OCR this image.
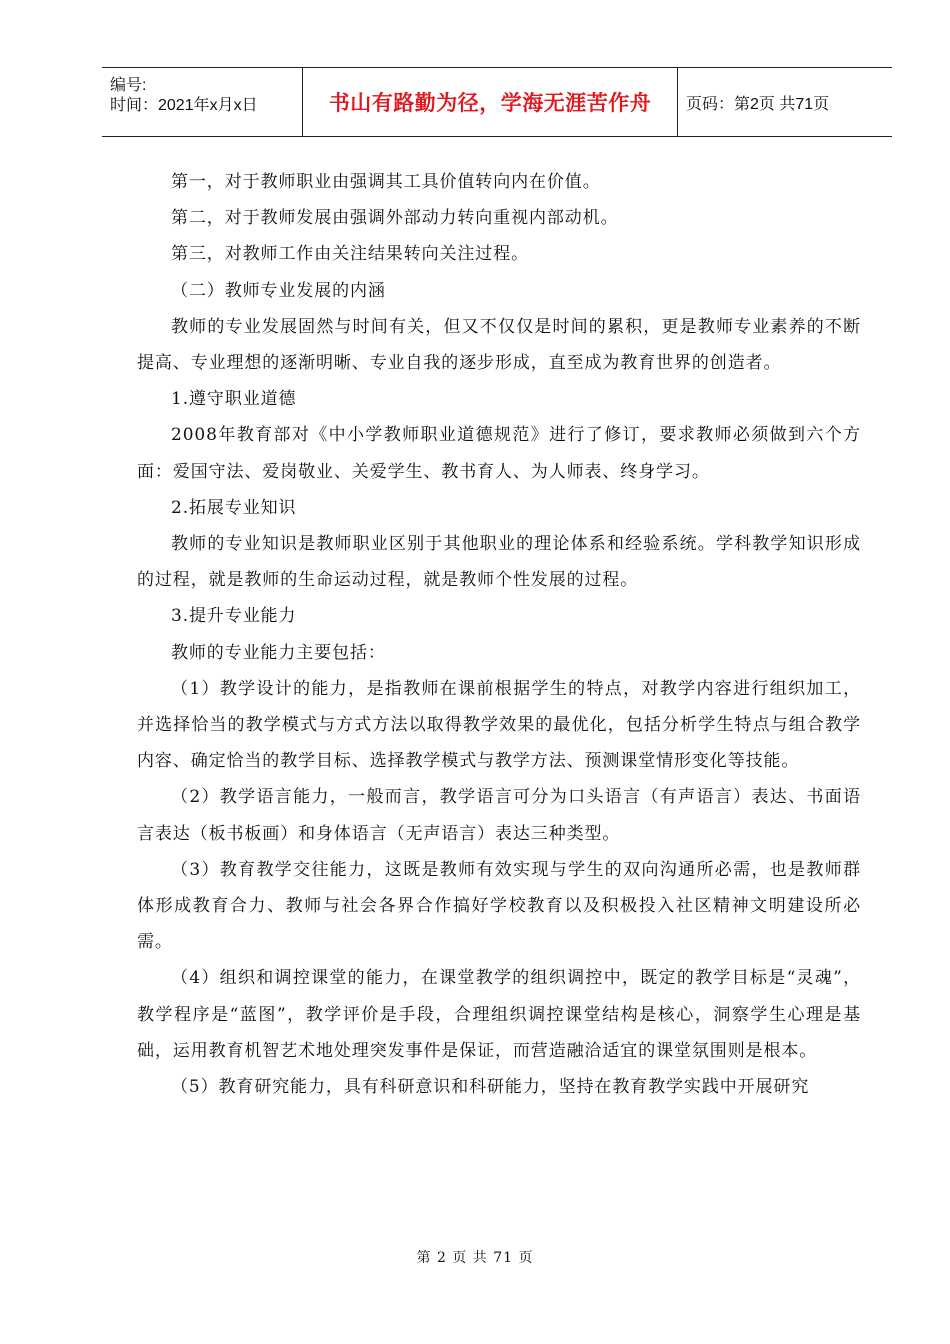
编号:
时间：2021年x月x日	书山有路勤为径，学海无涯苦作舟 页码：第2页 共71页

第一，对于教师职业由强调其工具价值转向内在价值。

第二，对于教师发展由强调外部动力转向重视内部动机。

第三，对教师工作由关注结果转向关注过程。

（二）教师专业发展的内涵

教师的专业发展固然与时间有关，但又不仅仅是时间的累积，更是教师专业素养的不断提高、专业理想的逐渐明晰、专业自我的逐步形成，直至成为教育世界的创造者。

1.遵守职业道德

2008年教育部对《中小学教师职业道德规范》进行了修订，要求教师必须做到六个方面：爱国守法、爱岗敬业、关爱学生、教书育人、为人师表、终身学习。

2.拓展专业知识

教师的专业知识是教师职业区别于其他职业的理论体系和经验系统。学科教学知识形成的过程，就是教师的生命运动过程，就是教师个性发展的过程。

3.提升专业能力

教师的专业能力主要包括：

（1）教学设计的能力，是指教师在课前根据学生的特点，对教学内容进行组织加工，并选择恰当的教学模式与方式方法以取得教学效果的最优化，包括分析学生特点与组合教学内容、确定恰当的教学目标、选择教学模式与教学方法、预测课堂情形变化等技能。

（2）教学语言能力，一般而言，教学语言可分为口头语言（有声语言）表达、书面语言表达（板书板画）和身体语言（无声语言）表达三种类型。

（3）教育教学交往能力，这既是教师有效实现与学生的双向沟通所必需，也是教师群体形成教育合力、教师与社会各界合作搞好学校教育以及积极投入社区精神文明建设所必需。

（4）组织和调控课堂的能力，在课堂教学的组织调控中，既定的教学目标是“灵魂”，教学程序是“蓝图”，教学评价是手段，合理组织调控课堂结构是核心，洞察学生心理是基础，运用教育机智艺术地处理突发事件是保证，而营造融洽适宜的课堂氛围则是根本。

（5）教育研究能力，具有科研意识和科研能力，坚持在教育教学实践中开展研究

第 2 页 共 71 页
